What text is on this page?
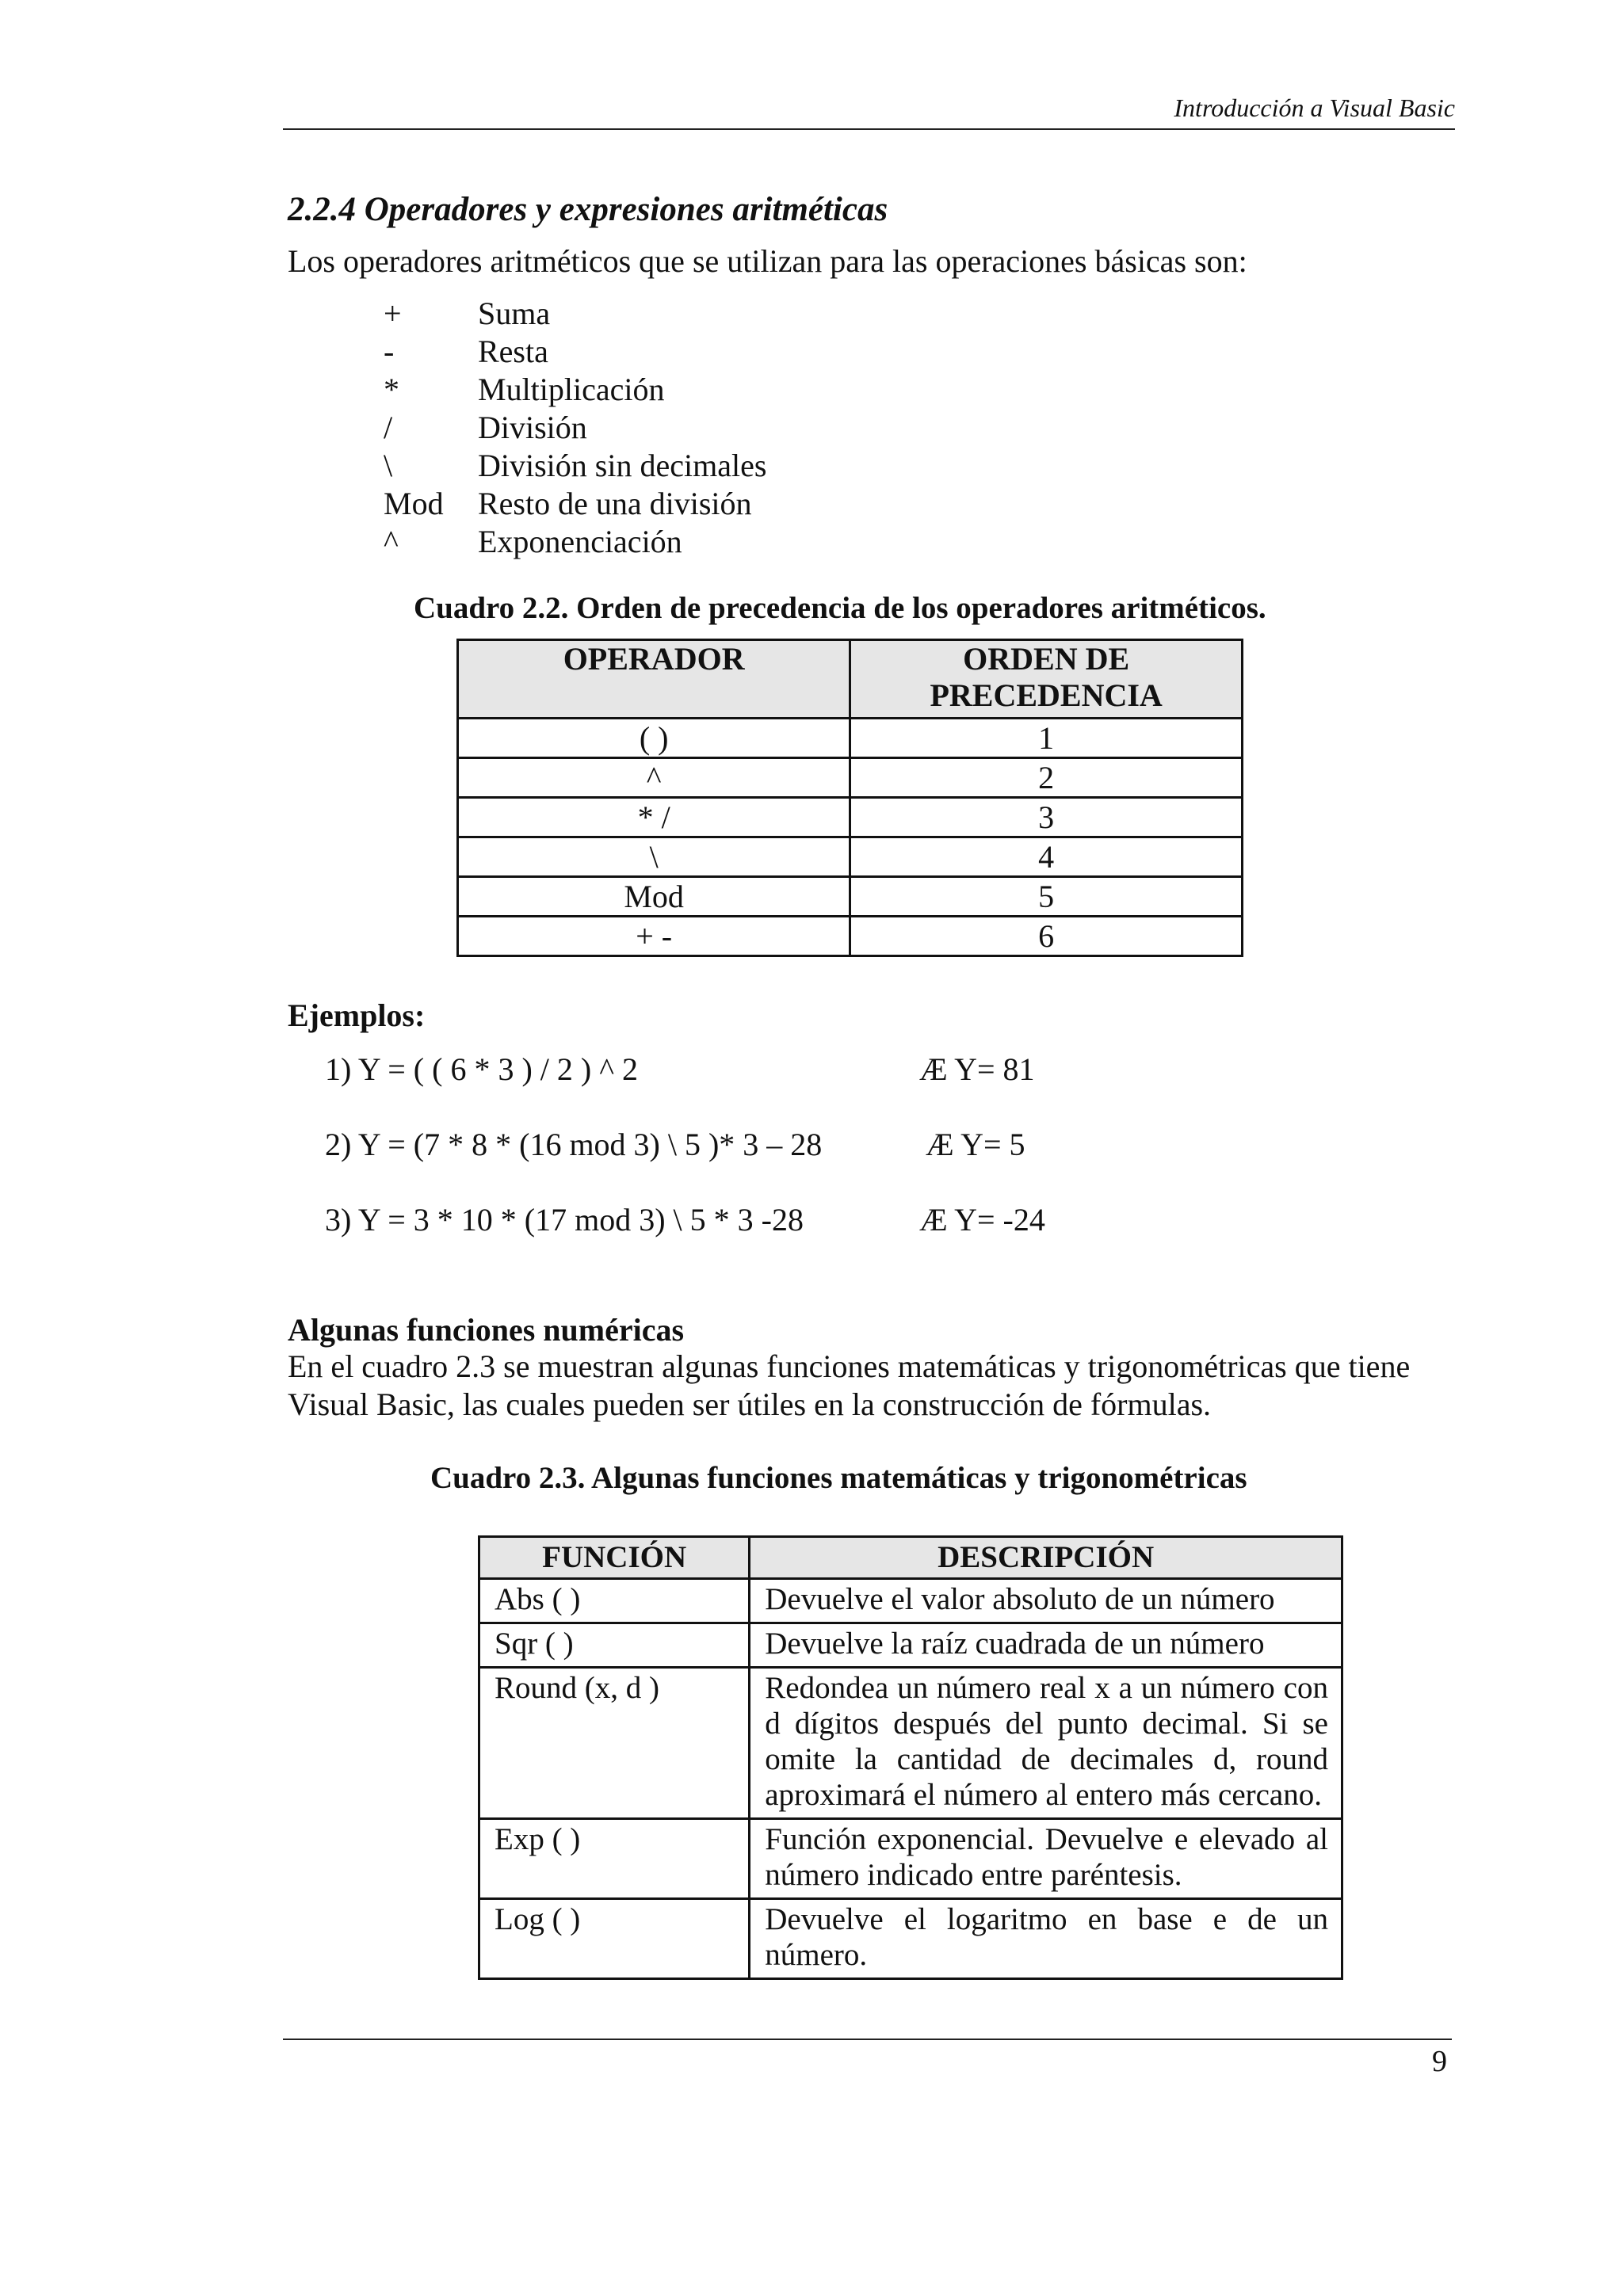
Introducción a Visual Basic
2.2.4 Operadores y expresiones aritméticas
Los operadores aritméticos que se utilizan para las operaciones básicas son:
+ Suma
-	Resta
* Multiplicación
/	División
\	División sin decimales
Mod Resto de una división
^	Exponenciación
Cuadro 2.2. Orden de precedencia de los operadores aritméticos.
OPERADOR	ORDEN DE PRECEDENCIA
( )	1
^	2
* /	3
\	4
Mod	5
+ -	6
Ejemplos:
1) Y = ( ( 6 * 3 ) / 2 ) ^ 2	Æ Y= 81
2) Y = (7 * 8 * (16 mod 3) \ 5 )* 3 – 28	Æ Y= 5
3) Y = 3 * 10 * (17 mod 3) \ 5 * 3 -28	Æ Y= -24
Algunas funciones numéricas
En el cuadro 2.3 se muestran algunas funciones matemáticas y trigonométricas que tiene Visual Basic, las cuales pueden ser útiles en la construcción de fórmulas.
Cuadro 2.3. Algunas funciones matemáticas y trigonométricas
FUNCIÓN	DESCRIPCIÓN
Abs ( )	Devuelve el valor absoluto de un número
Sqr ( )	Devuelve la raíz cuadrada de un número
Round (x, d )	Redondea un número real x a un número con d dígitos después del punto decimal. Si se omite la cantidad de decimales d, round aproximará el número al entero más cercano.
Exp ( )	Función exponencial. Devuelve e elevado al número indicado entre paréntesis.
Log ( )	Devuelve el logaritmo en base e de un número.
9
